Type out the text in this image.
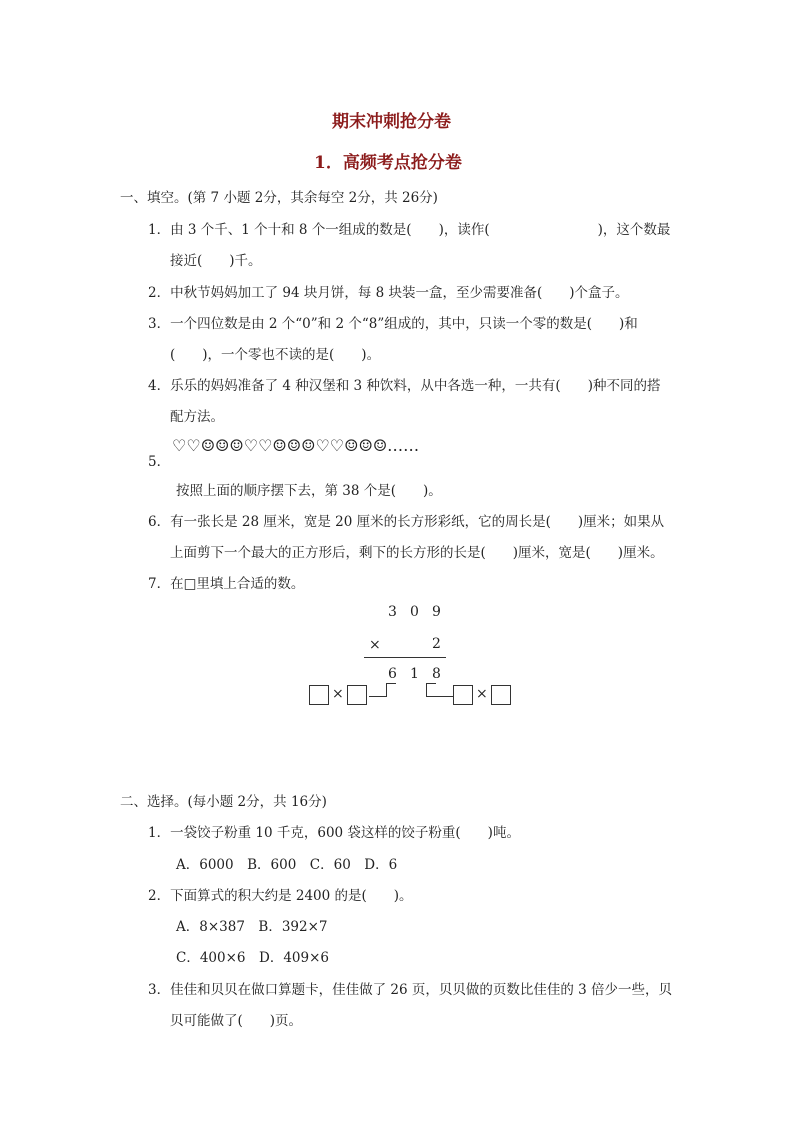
期末冲刺抢分卷
1．高频考点抢分卷
一、填空。(第 7 小题 2分，其余每空 2分，共 26分)
1．由 3 个千、1 个十和 8 个一组成的数是(　　)，读作(　　　　　　　　)，这个数最
接近(　　)千。
2．中秋节妈妈加工了 94 块月饼，每 8 块装一盒，至少需要准备(　　)个盒子。
3．一个四位数是由 2 个“0”和 2 个“8”组成的，其中，只读一个零的数是(　　)和
(　　)，一个零也不读的是(　　)。
4．乐乐的妈妈准备了 4 种汉堡和 3 种饮料，从中各选一种，一共有(　　)种不同的搭
配方法。
♡♡☺☺☺♡♡☺☺☺♡♡☺☺☺……
5．
按照上面的顺序摆下去，第 38 个是(　　)。
6．有一张长是 28 厘米，宽是 20 厘米的长方形彩纸，它的周长是(　　)厘米；如果从
上面剪下一个最大的正方形后，剩下的长方形的长是(　　)厘米，宽是(　　)厘米。
7．在□里填上合适的数。
3 0 9
×	2
6 1 8
×	×
二、选择。(每小题 2分，共 16分)
1．一袋饺子粉重 10 千克，600 袋这样的饺子粉重(　　)吨。
A．6000　B．600　C．60　D．6
2．下面算式的积大约是 2400 的是(　　)。
A．8×387　B．392×7
C．400×6　D．409×6
3．佳佳和贝贝在做口算题卡，佳佳做了 26 页，贝贝做的页数比佳佳的 3 倍少一些，贝
贝可能做了(　　)页。
